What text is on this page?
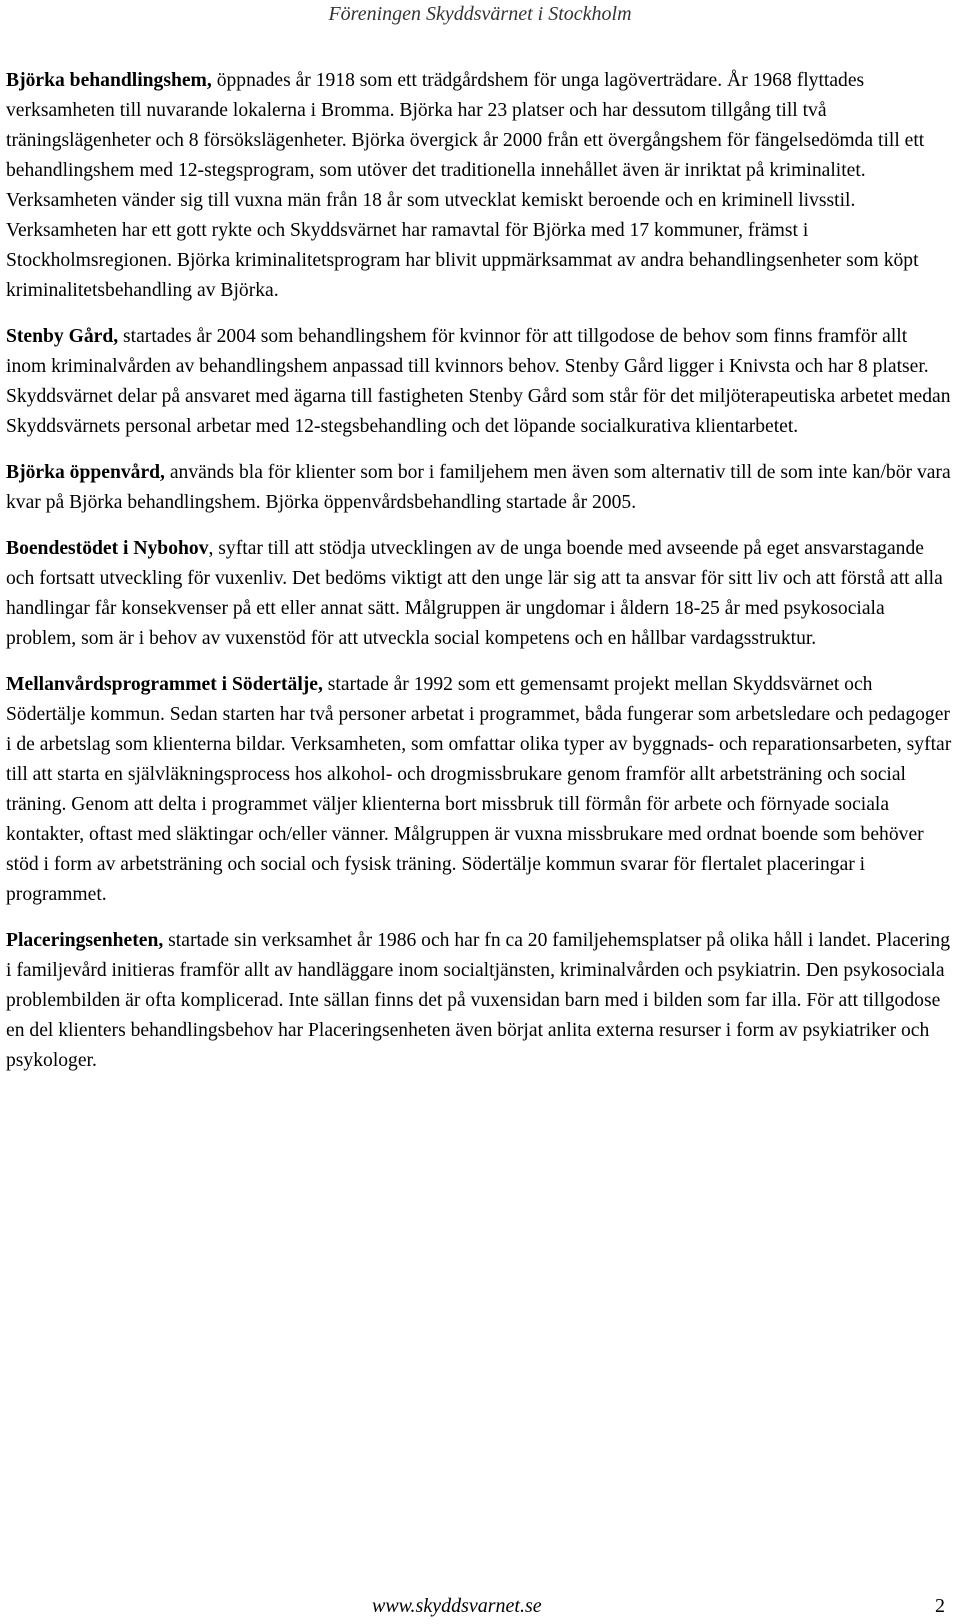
Föreningen Skyddsvärnet i Stockholm

Björka behandlingshem, öppnades år 1918 som ett trädgårdshem för unga lagöverträdare. År 1968 flyttades verksamheten till nuvarande lokalerna i Bromma. Björka har 23 platser och har dessutom tillgång till två träningslägenheter och 8 försökslägenheter. Björka övergick år 2000 från ett övergångshem för fängelsedömda till ett behandlingshem med 12-stegsprogram, som utöver det traditionella innehållet även är inriktat på kriminalitet. Verksamheten vänder sig till vuxna män från 18 år som utvecklat kemiskt beroende och en kriminell livsstil. Verksamheten har ett gott rykte och Skyddsvärnet har ramavtal för Björka med 17 kommuner, främst i Stockholmsregionen. Björka kriminalitetsprogram har blivit uppmärksammat av andra behandlingsenheter som köpt kriminalitetsbehandling av Björka.

Stenby Gård, startades år 2004 som behandlingshem för kvinnor för att tillgodose de behov som finns framför allt inom kriminalvården av behandlingshem anpassad till kvinnors behov. Stenby Gård ligger i Knivsta och har 8 platser. Skyddsvärnet delar på ansvaret med ägarna till fastigheten Stenby Gård som står för det miljöterapeutiska arbetet medan Skyddsvärnets personal arbetar med 12-stegsbehandling och det löpande socialkurativa klientarbetet.

Björka öppenvård, används bla för klienter som bor i familjehem men även som alternativ till de som inte kan/bör vara kvar på Björka behandlingshem. Björka öppenvårdsbehandling startade år 2005.

Boendestödet i Nybohov, syftar till att stödja utvecklingen av de unga boende med avseende på eget ansvarstagande och fortsatt utveckling för vuxenliv. Det bedöms viktigt att den unge lär sig att ta ansvar för sitt liv och att förstå att alla handlingar får konsekvenser på ett eller annat sätt. Målgruppen är ungdomar i åldern 18-25 år med psykosociala problem, som är i behov av vuxenstöd för att utveckla social kompetens och en hållbar vardagsstruktur.

Mellanvårdsprogrammet i Södertälje, startade år 1992 som ett gemensamt projekt mellan Skyddsvärnet och Södertälje kommun. Sedan starten har två personer arbetat i programmet, båda fungerar som arbetsledare och pedagoger i de arbetslag som klienterna bildar. Verksamheten, som omfattar olika typer av byggnads- och reparationsarbeten, syftar till att starta en självläkningsprocess hos alkohol- och drogmissbrukare genom framför allt arbetsträning och social träning. Genom att delta i programmet väljer klienterna bort missbruk till förmån för arbete och förnyade sociala kontakter, oftast med släktingar och/eller vänner. Målgruppen är vuxna missbrukare med ordnat boende som behöver stöd i form av arbetsträning och social och fysisk träning. Södertälje kommun svarar för flertalet placeringar i programmet.

Placeringsenheten, startade sin verksamhet år 1986 och har fn ca 20 familjehemsplatser på olika håll i landet. Placering i familjevård initieras framför allt av handläggare inom socialtjänsten, kriminalvården och psykiatrin. Den psykosociala problembilden är ofta komplicerad. Inte sällan finns det på vuxensidan barn med i bilden som far illa. För att tillgodose en del klienters behandlingsbehov har Placeringsenheten även börjat anlita externa resurser i form av psykiatriker och psykologer.

www.skyddsvarnet.se	2
